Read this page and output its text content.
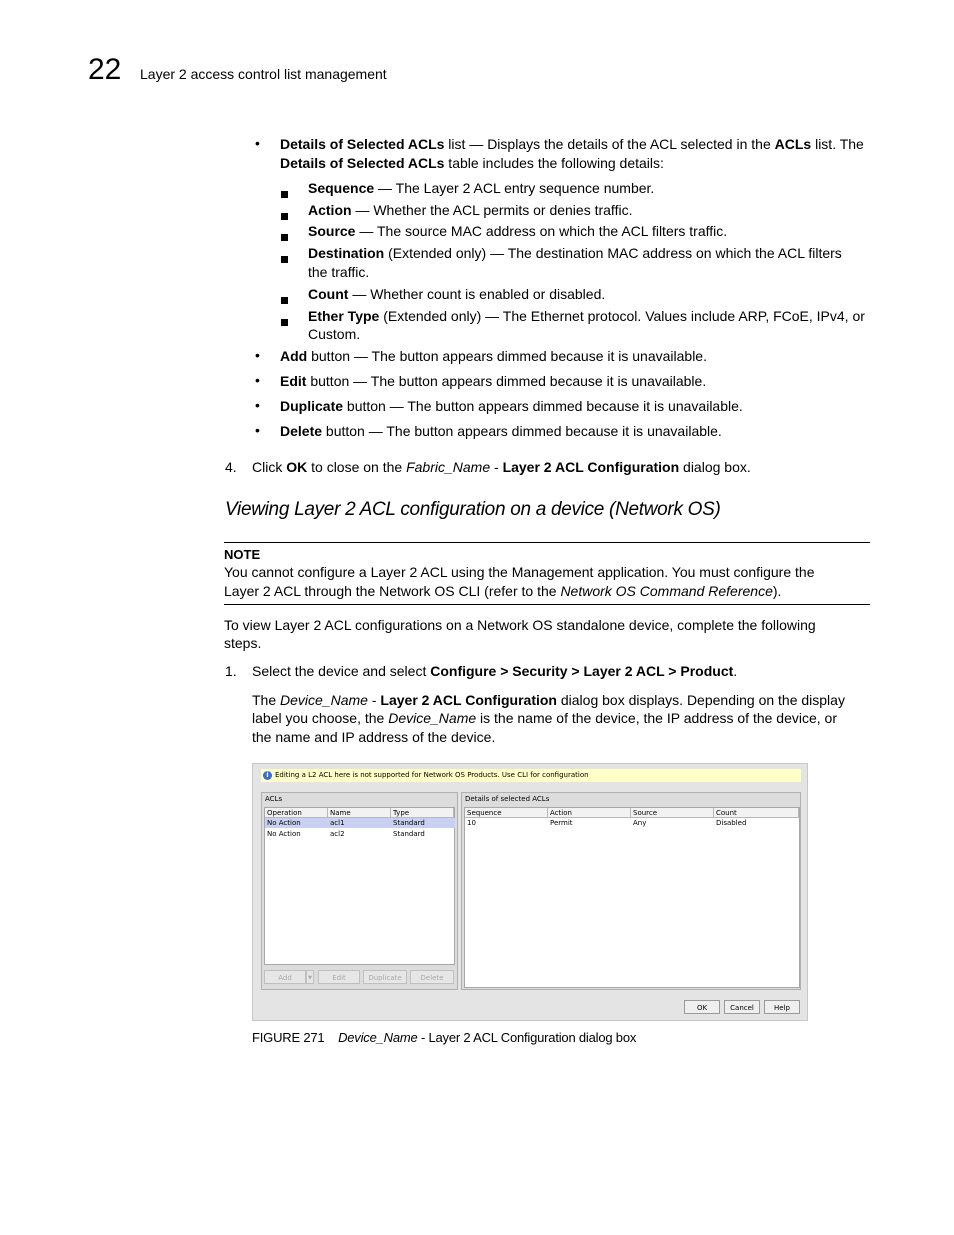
22 Layer 2 access control list management
• Details of Selected ACLs list — Displays the details of the ACL selected in the ACLs list. The
Details of Selected ACLs table includes the following details:
Sequence — The Layer 2 ACL entry sequence number.
Action — Whether the ACL permits or denies traffic.
Source — The source MAC address on which the ACL filters traffic.
Destination (Extended only) — The destination MAC address on which the ACL filters
the traffic.
Count — Whether count is enabled or disabled.
Ether Type (Extended only) — The Ethernet protocol. Values include ARP, FCoE, IPv4, or
Custom.
• Add button — The button appears dimmed because it is unavailable.
• Edit button — The button appears dimmed because it is unavailable.
• Duplicate button — The button appears dimmed because it is unavailable.
• Delete button — The button appears dimmed because it is unavailable.
4. Click OK to close on the Fabric_Name - Layer 2 ACL Configuration dialog box.
Viewing Layer 2 ACL configuration on a device (Network OS)
NOTE
You cannot configure a Layer 2 ACL using the Management application. You must configure the
Layer 2 ACL through the Network OS CLI (refer to the Network OS Command Reference).
To view Layer 2 ACL configurations on a Network OS standalone device, complete the following
steps.
1. Select the device and select Configure > Security > Layer 2 ACL > Product.
The Device_Name - Layer 2 ACL Configuration dialog box displays. Depending on the display
label you choose, the Device_Name is the name of the device, the IP address of the device, or
the name and IP address of the device.
i Editing a L2 ACL here is not supported for Network OS Products. Use CLI for configuration
ACLs
Operation	Name	Type
No Action	acl1	Standard
No Action	acl2	Standard
Add	▼	Edit	Duplicate	Delete
Details of selected ACLs
Sequence	Action	Source	Count
10	Permit	Any	Disabled
OK	Cancel	Help
FIGURE 271 Device_Name - Layer 2 ACL Configuration dialog box
